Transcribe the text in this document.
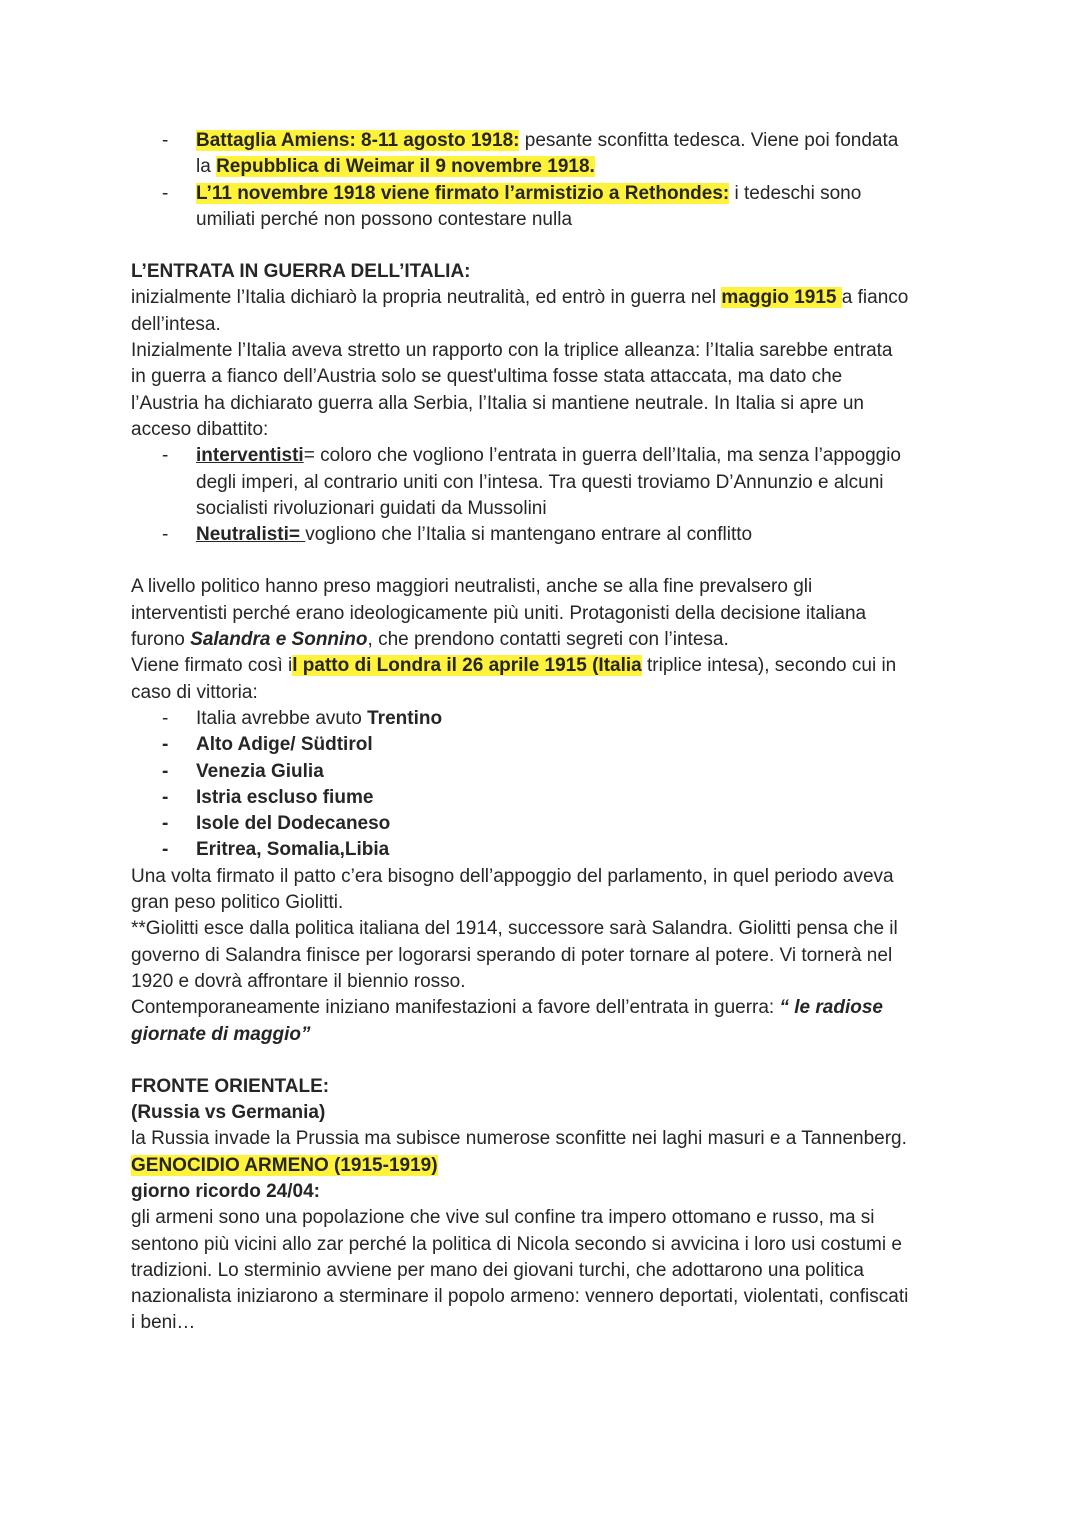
- Battaglia Amiens: 8-11 agosto 1918: pesante sconfitta tedesca. Viene poi fondata
la Repubblica di Weimar il 9 novembre 1918.
- L’11 novembre 1918 viene firmato l’armistizio a Rethondes: i tedeschi sono
umiliati perché non possono contestare nulla
L’ENTRATA IN GUERRA DELL’ITALIA:
inizialmente l’Italia dichiarò la propria neutralità, ed entrò in guerra nel maggio 1915 a fianco
dell’intesa.
Inizialmente l’Italia aveva stretto un rapporto con la triplice alleanza: l’Italia sarebbe entrata
in guerra a fianco dell’Austria solo se quest'ultima fosse stata attaccata, ma dato che
l’Austria ha dichiarato guerra alla Serbia, l’Italia si mantiene neutrale. In Italia si apre un
acceso dibattito:
- interventisti= coloro che vogliono l’entrata in guerra dell’Italia, ma senza l’appoggio
degli imperi, al contrario uniti con l’intesa. Tra questi troviamo D’Annunzio e alcuni
socialisti rivoluzionari guidati da Mussolini
- Neutralisti= vogliono che l’Italia si mantengano entrare al conflitto
A livello politico hanno preso maggiori neutralisti, anche se alla fine prevalsero gli
interventisti perché erano ideologicamente più uniti. Protagonisti della decisione italiana
furono Salandra e Sonnino, che prendono contatti segreti con l’intesa.
Viene firmato così il patto di Londra il 26 aprile 1915 (Italia triplice intesa), secondo cui in
caso di vittoria:
- Italia avrebbe avuto Trentino
- Alto Adige/ Südtirol
- Venezia Giulia
- Istria escluso fiume
- Isole del Dodecaneso
- Eritrea, Somalia,Libia
Una volta firmato il patto c’era bisogno dell’appoggio del parlamento, in quel periodo aveva
gran peso politico Giolitti.
**Giolitti esce dalla politica italiana del 1914, successore sarà Salandra. Giolitti pensa che il
governo di Salandra finisce per logorarsi sperando di poter tornare al potere. Vi tornerà nel
1920 e dovrà affrontare il biennio rosso.
Contemporaneamente iniziano manifestazioni a favore dell’entrata in guerra: “ le radiose
giornate di maggio”
FRONTE ORIENTALE:
(Russia vs Germania)
la Russia invade la Prussia ma subisce numerose sconfitte nei laghi masuri e a Tannenberg.
GENOCIDIO ARMENO (1915-1919)
giorno ricordo 24/04:
gli armeni sono una popolazione che vive sul confine tra impero ottomano e russo, ma si
sentono più vicini allo zar perché la politica di Nicola secondo si avvicina i loro usi costumi e
tradizioni. Lo sterminio avviene per mano dei giovani turchi, che adottarono una politica
nazionalista iniziarono a sterminare il popolo armeno: vennero deportati, violentati, confiscati
i beni…
